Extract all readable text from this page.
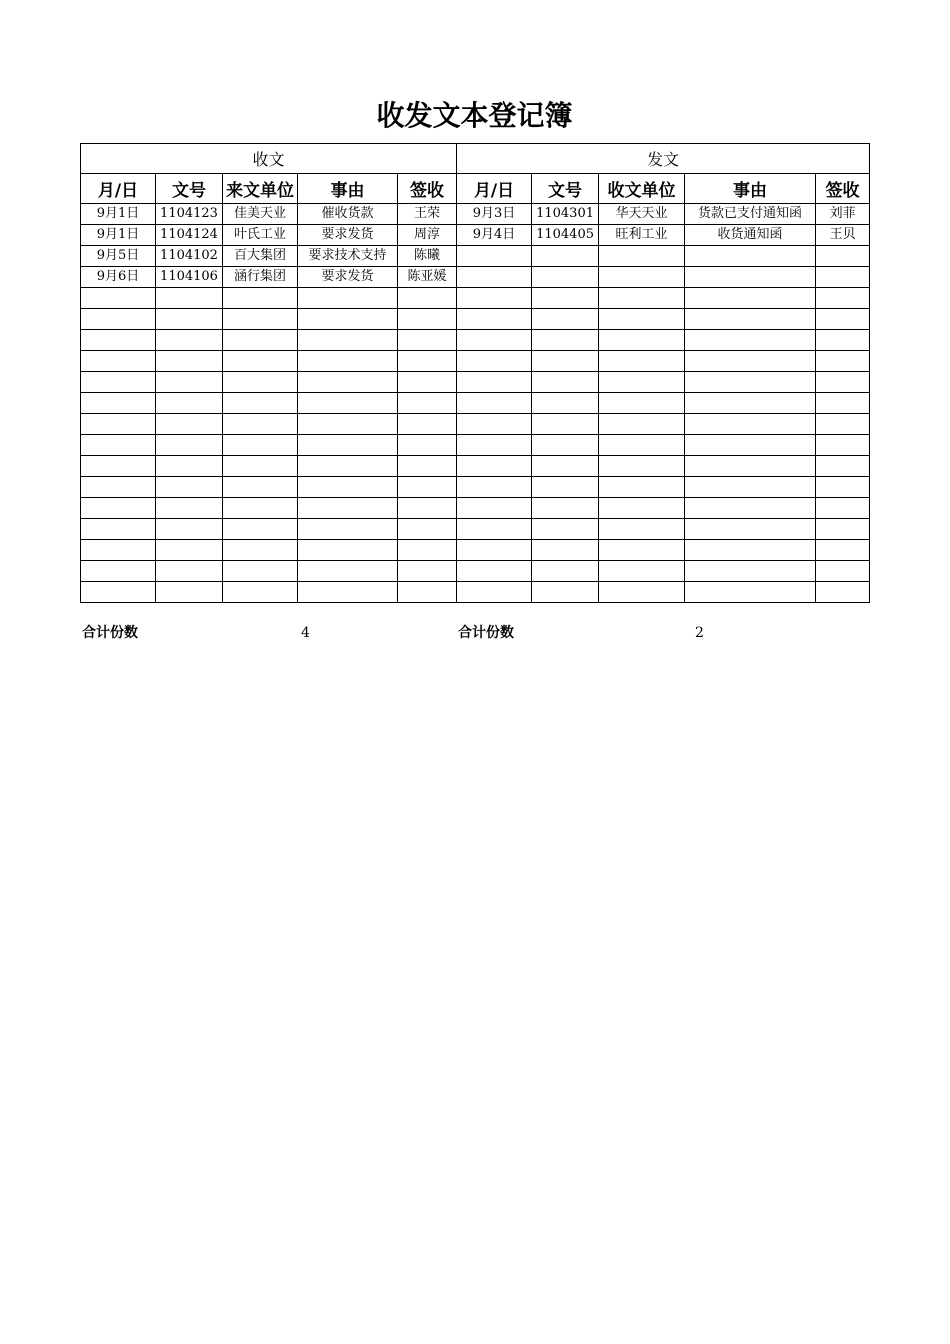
收发文本登记簿
收文					发文				
月/日	文号	来文单位	事由	签收	月/日	文号	收文单位	事由	签收
9月1日	1104123	佳美天业	催收货款	王荣	9月3日	1104301	华天天业	货款已支付通知函	刘菲
9月1日	1104124	叶氏工业	要求发货	周淳	9月4日	1104405	旺利工业	收货通知函	王贝
9月5日	1104102	百大集团	要求技术支持	陈曦					
9月6日	1104106	涵行集团	要求发货	陈亚媛					

合计份数	4	合计份数	2
